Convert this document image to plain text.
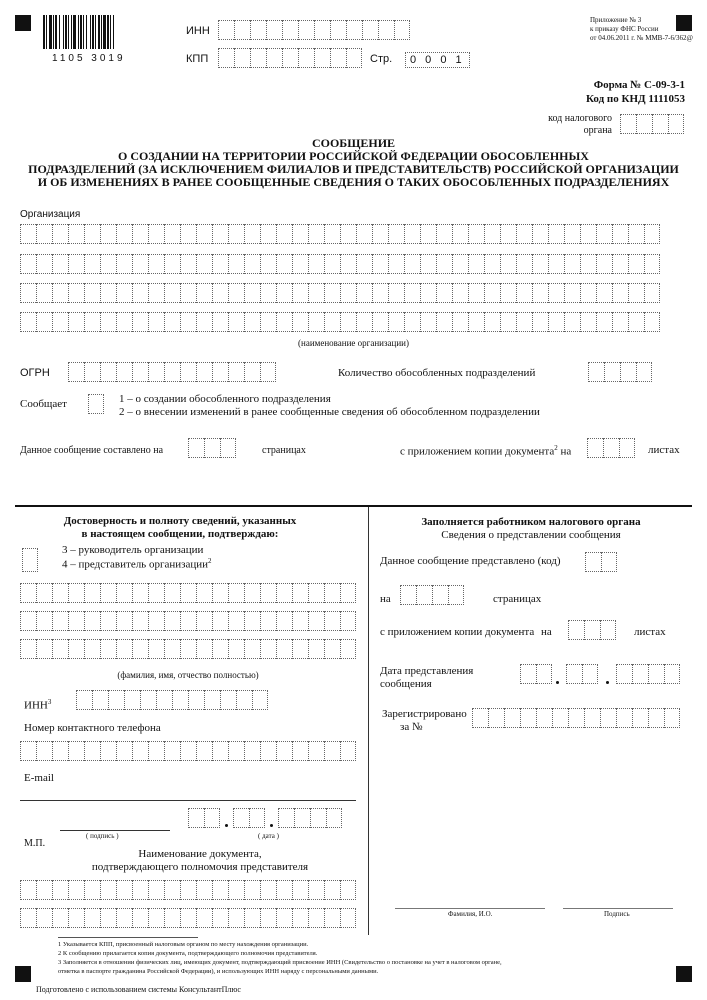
1105 3019
ИНН
КПП	Стр.	0 0 0 1
Приложение № 3
к приказу ФНС России
от 04.06.2011 г. № ММВ-7-6/362@
Форма № С-09-3-1
Код по КНД 1111053
код налогового
органа
СООБЩЕНИЕ
О СОЗДАНИИ НА ТЕРРИТОРИИ РОССИЙСКОЙ ФЕДЕРАЦИИ ОБОСОБЛЕННЫХ
ПОДРАЗДЕЛЕНИЙ (ЗА ИСКЛЮЧЕНИЕМ ФИЛИАЛОВ И ПРЕДСТАВИТЕЛЬСТВ) РОССИЙСКОЙ ОРГАНИЗАЦИИ
И ОБ ИЗМЕНЕНИЯХ В РАНЕЕ СООБЩЕННЫЕ СВЕДЕНИЯ О ТАКИХ ОБОСОБЛЕННЫХ ПОДРАЗДЕЛЕНИЯХ
Организация
(наименование организации)
ОГРН	Количество обособленных подразделений
Сообщает	1 – о создании обособленного подразделения
2 – о внесении изменений в ранее сообщенные сведения об обособленном подразделении
Данное сообщение составлено на	страницах	с приложением копии документа$^2$ на	листах
Достоверность и полноту сведений, указанных
в настоящем сообщении, подтверждаю:
3 – руководитель организации
4 – представитель организации$^2$
(фамилия, имя, отчество полностью)
ИНН$^3$
Номер контактного телефона
E-mail
( подпись )	( дата )
М.П.
Наименование документа,
подтверждающего полномочия представителя
Заполняется работником налогового органа
Сведения о представлении сообщения
Данное сообщение представлено (код)
на	страницах
с приложением копии документа на	листах
Дата представления
сообщения
Зарегистрировано
за №
Фамилия, И.О.	Подпись
1 Указывается КПП, присвоенный налоговым органом по месту нахождения организации.
2 К сообщению прилагается копия документа, подтверждающего полномочия представителя.
3 Заполняется в отношении физических лиц, имеющих документ, подтверждающий присвоение ИНН (Свидетельство о постановке на учет в налоговом органе,
отметка в паспорте гражданина Российской Федерации), и использующих ИНН наряду с персональными данными.
Подготовлено с использованием системы КонсультантПлюс
